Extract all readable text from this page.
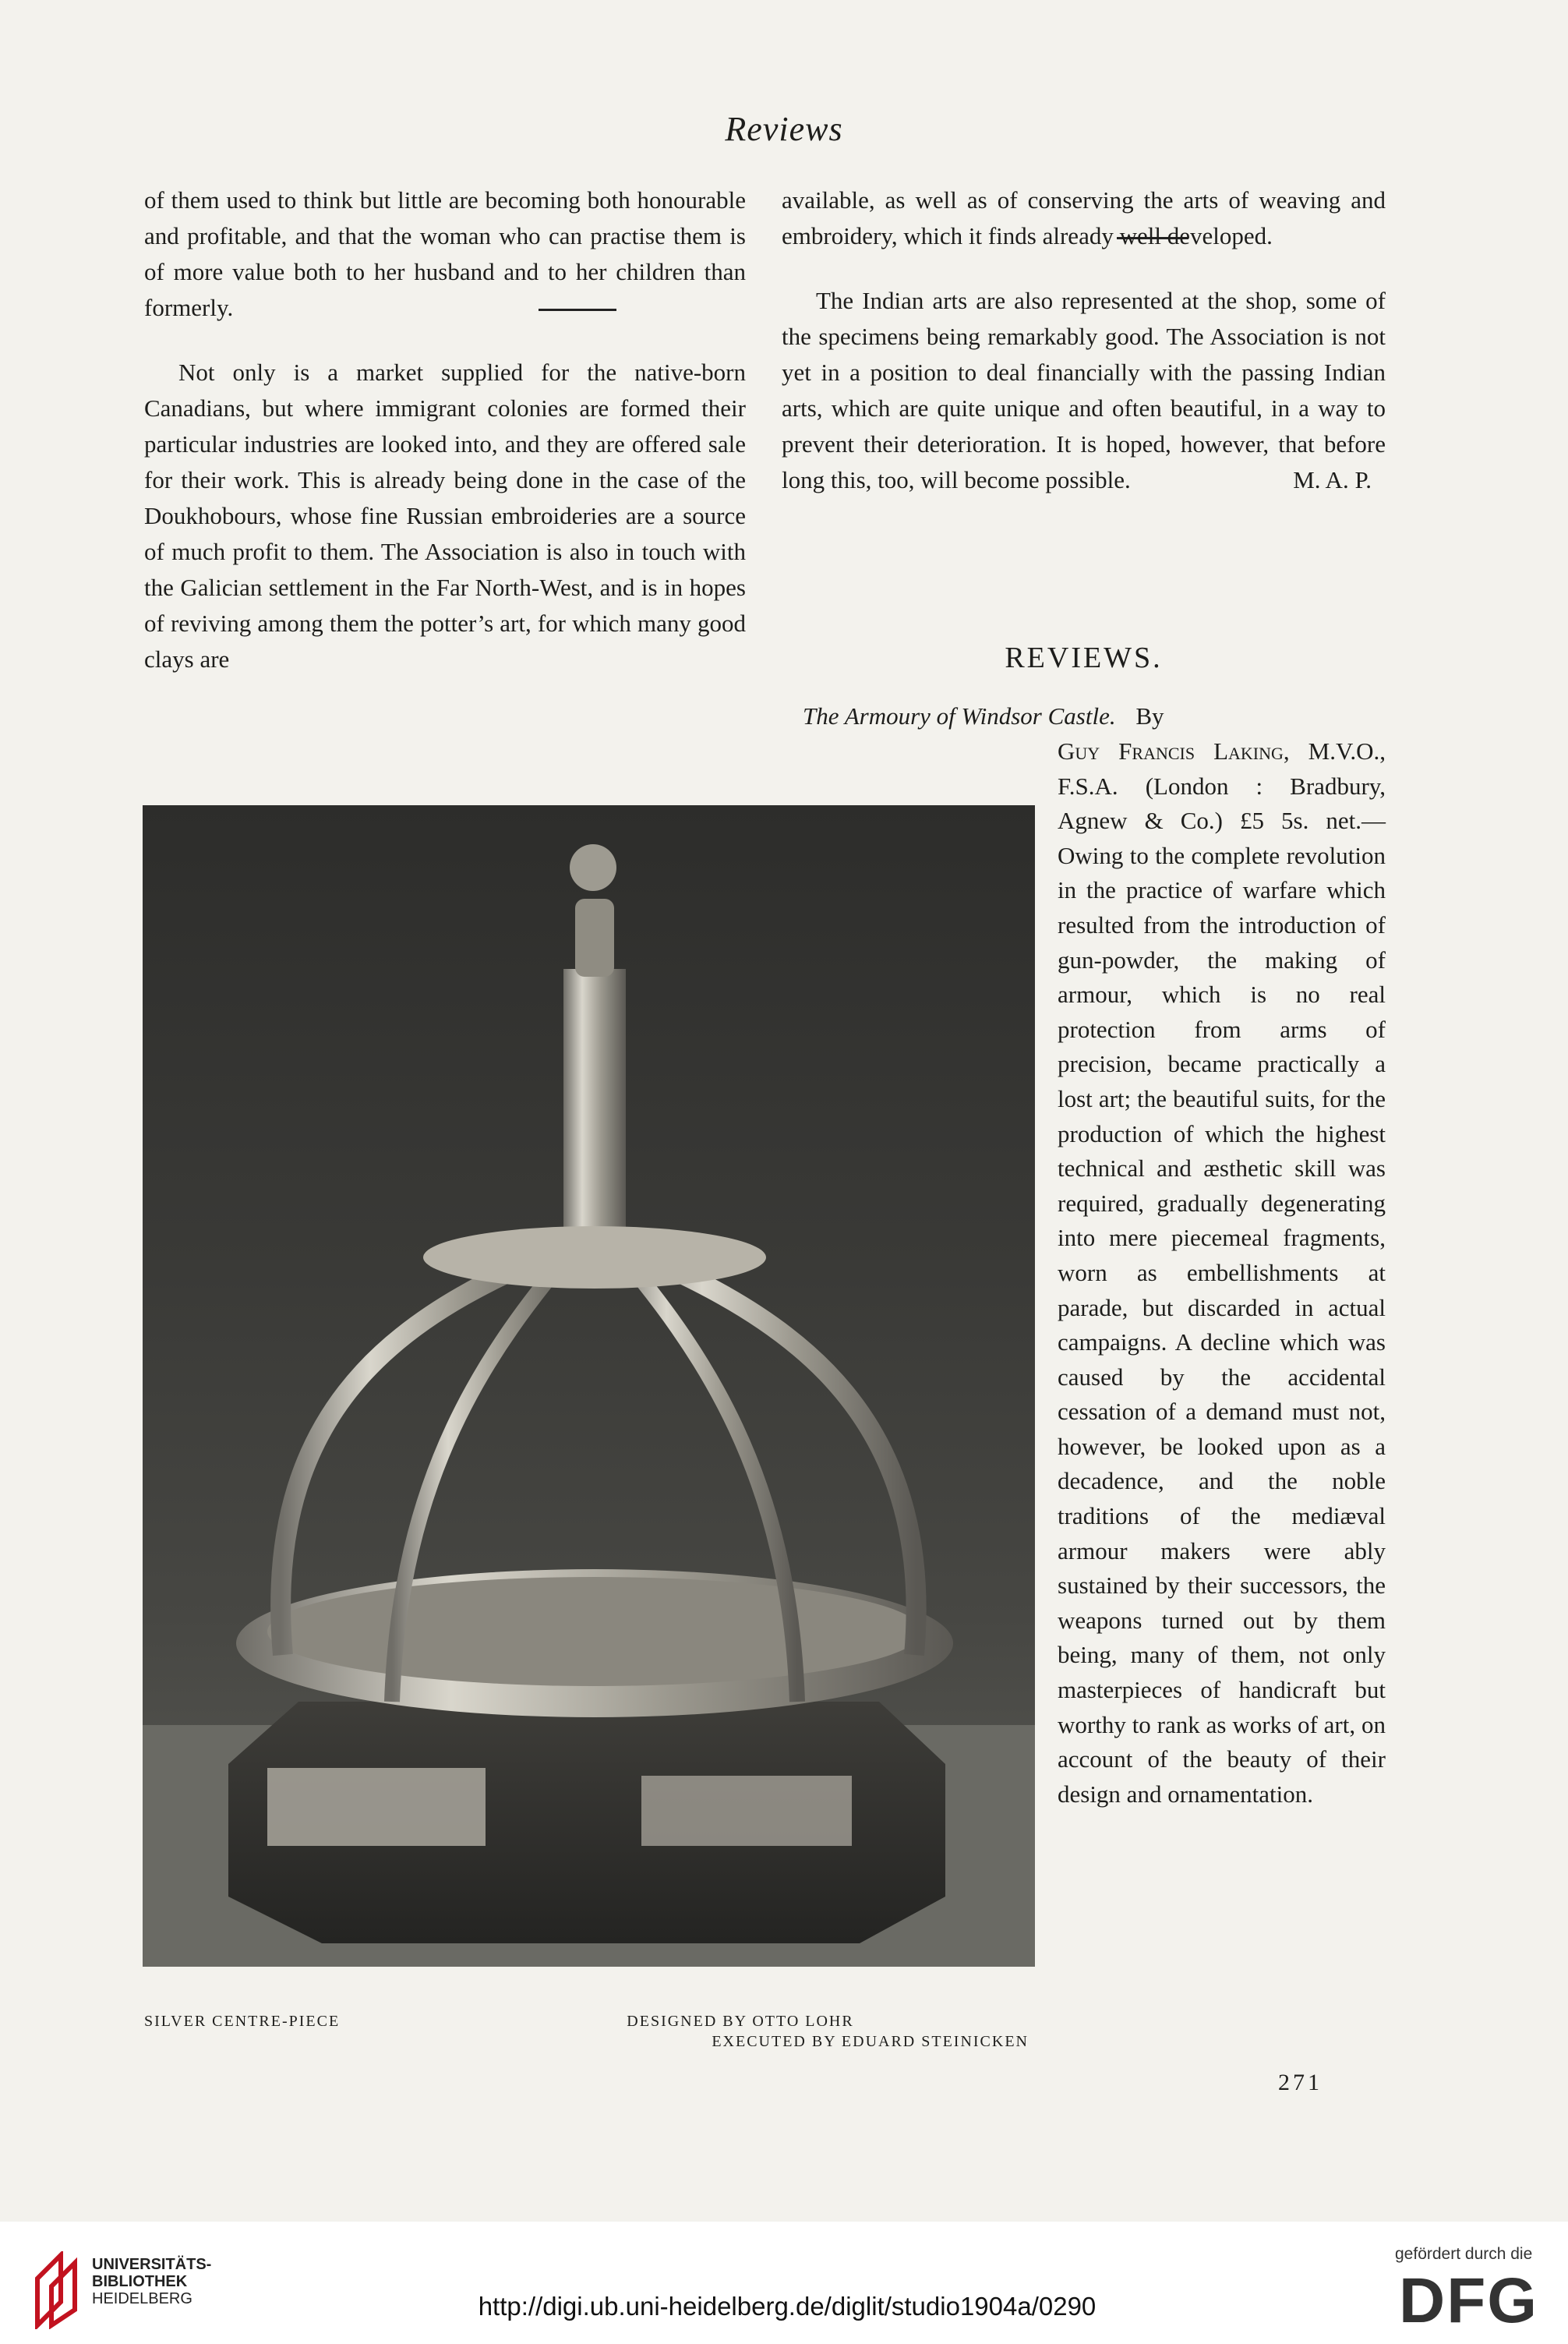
Reviews

of them used to think but little are becoming both honourable and profitable, and that the woman who can practise them is of more value both to her husband and to her children than formerly.

Not only is a market supplied for the native-born Canadians, but where immigrant colonies are formed their particular industries are looked into, and they are offered sale for their work. This is already being done in the case of the Doukhobours, whose fine Russian embroideries are a source of much profit to them. The Association is also in touch with the Galician settlement in the Far North-West, and is in hopes of reviving among them the potter’s art, for which many good clays are

available, as well as of conserving the arts of weaving and embroidery, which it finds already well developed.

The Indian arts are also represented at the shop, some of the specimens being remarkably good. The Association is not yet in a position to deal financially with the passing Indian arts, which are quite unique and often beautiful, in a way to prevent their deterioration. It is hoped, however, that before long this, too, will become possible.	M. A. P.
REVIEWS.
The Armoury of Windsor Castle. By

Guy Francis Laking, M.V.O., F.S.A. (London : Bradbury, Agnew & Co.) £5 5s. net.—Owing to the complete revolution in the practice of warfare which resulted from the introduction of gun-powder, the making of armour, which is no real protection from arms of precision, became practically a lost art; the beautiful suits, for the production of which the highest technical and æsthetic skill was required, gradually degenerating into mere piecemeal fragments, worn as embellishments at parade, but discarded in actual campaigns. A decline which was caused by the accidental cessation of a demand must not, however, be looked upon as a decadence, and the noble traditions of the mediæval armour makers were ably sustained by their successors, the weapons turned out by them being, many of them, not only masterpieces of handicraft but worthy to rank as works of art, on account of the beauty of their design and ornamentation.

SILVER CENTRE-PIECE	DESIGNED BY OTTO LOHR
EXECUTED BY EDUARD STEINICKEN
271
UNIVERSITÄTS-
BIBLIOTHEK
HEIDELBERG	http://digi.ub.uni-heidelberg.de/diglit/studio1904a/0290
gefördert durch die
DFG
